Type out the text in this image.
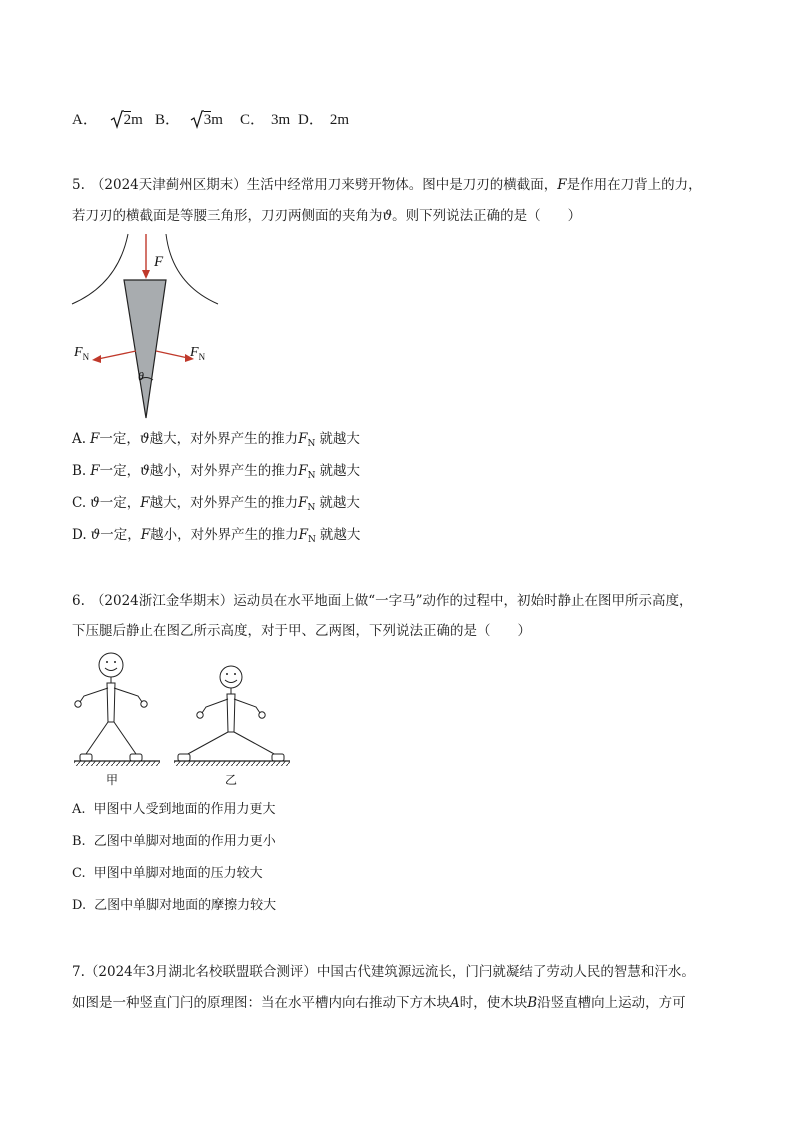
A． 2m B． 3m C． 3m D． 2m
5. （2024天津蓟州区期末）生活中经常用刀来劈开物体。图中是刀刃的横截面，F是作用在刀背上的力，
若刀刃的横截面是等腰三角形，刀刃两侧面的夹角为ϑ。则下列说法正确的是（　　）
F
$F_N$	$F_N$
θ
A. F一定，ϑ越大，对外界产生的推力$F_N$ 就越大
B. F一定，ϑ越小，对外界产生的推力$F_N$ 就越大
C. ϑ一定，F越大，对外界产生的推力$F_N$ 就越大
D. ϑ一定，F越小，对外界产生的推力$F_N$ 就越大
6. （2024浙江金华期末）运动员在水平地面上做“一字马”动作的过程中，初始时静止在图甲所示高度，
下压腿后静止在图乙所示高度，对于甲、乙两图，下列说法正确的是（　　）
甲	乙
A. 甲图中人受到地面的作用力更大
B. 乙图中单脚对地面的作用力更小
C. 甲图中单脚对地面的压力较大
D. 乙图中单脚对地面的摩擦力较大
7.（2024年3月湖北名校联盟联合测评）中国古代建筑源远流长，门闩就凝结了劳动人民的智慧和汗水。
如图是一种竖直门闩的原理图：当在水平槽内向右推动下方木块A时，使木块B沿竖直槽向上运动，方可
